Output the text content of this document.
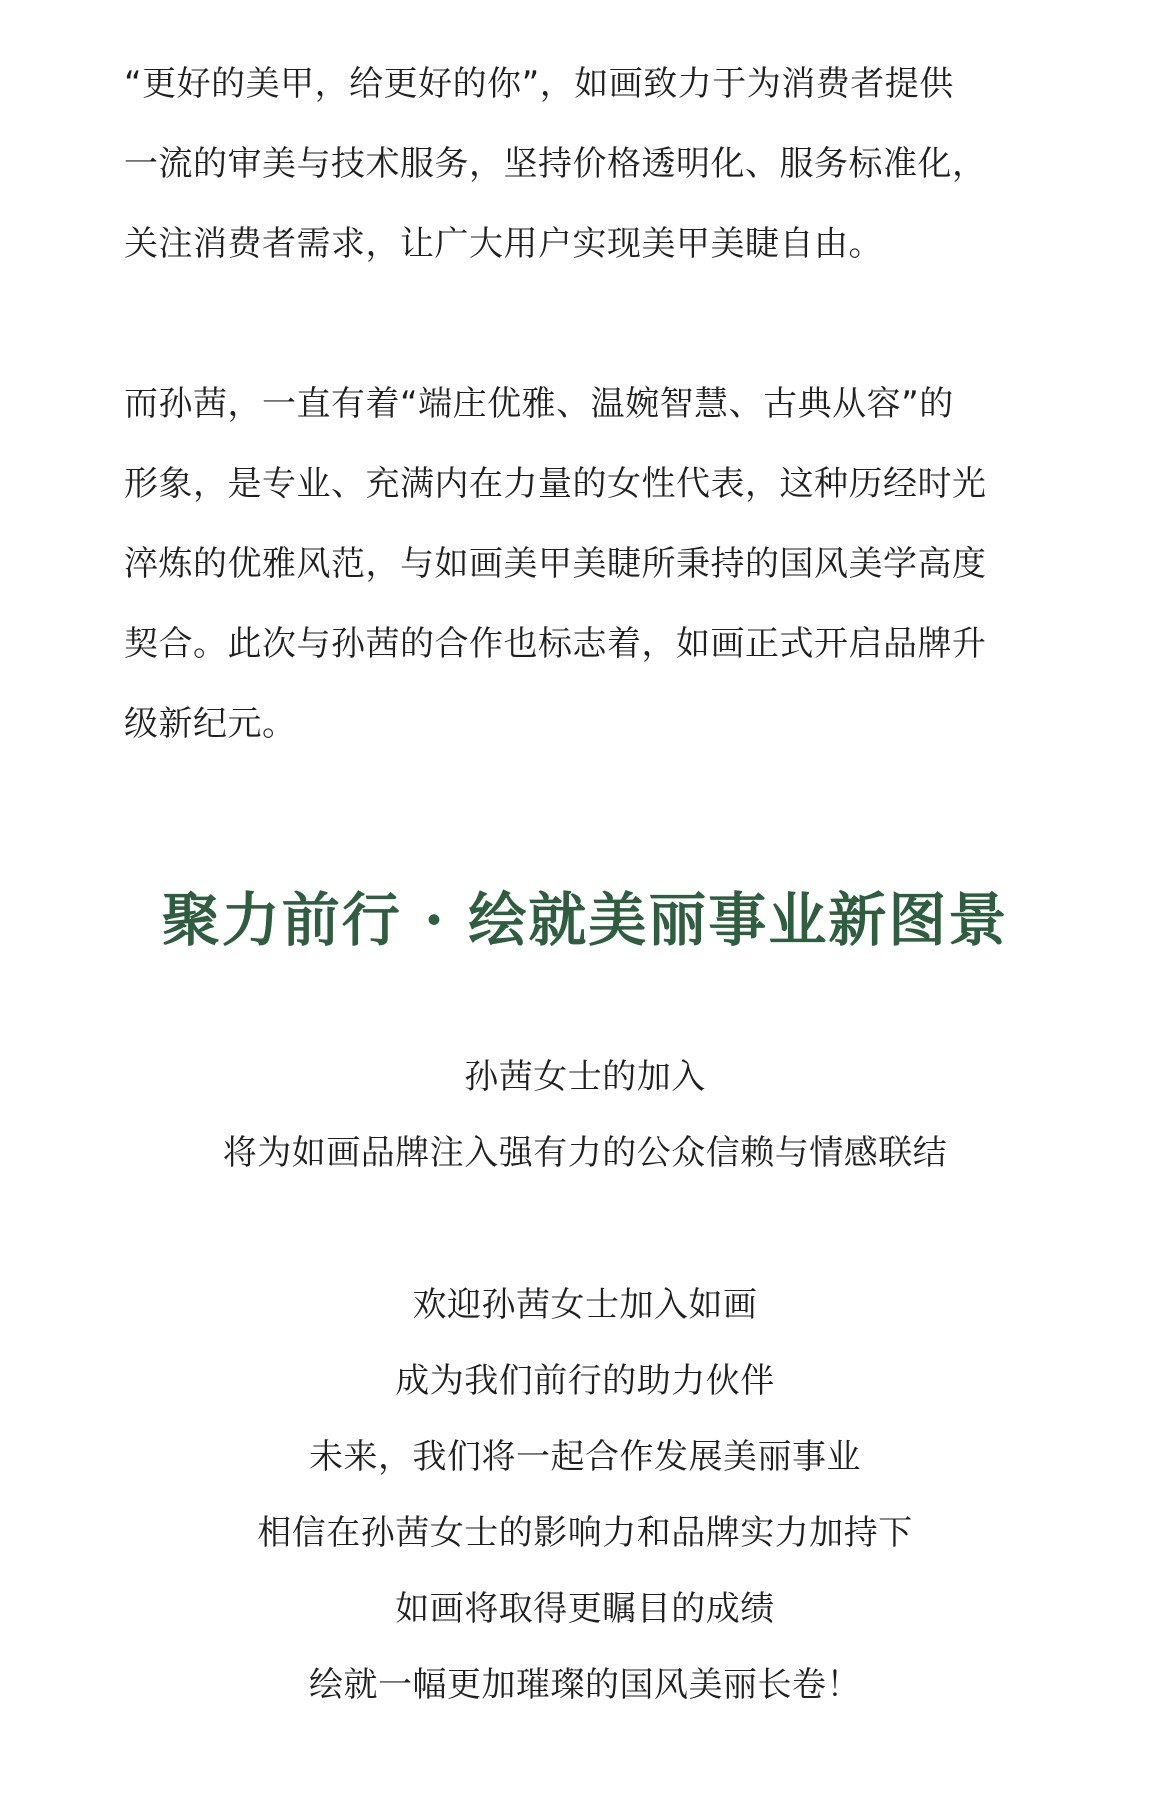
“更好的美甲，给更好的你”，如画致力于为消费者提供
一流的审美与技术服务，坚持价格透明化、服务标准化，
关注消费者需求，让广大用户实现美甲美睫自由。

而孙茜，一直有着“端庄优雅、温婉智慧、古典从容”的
形象，是专业、充满内在力量的女性代表，这种历经时光
淬炼的优雅风范，与如画美甲美睫所秉持的国风美学高度
契合。此次与孙茜的合作也标志着，如画正式开启品牌升
级新纪元。

聚力前行 · 绘就美丽事业新图景

孙茜女士的加入
将为如画品牌注入强有力的公众信赖与情感联结

欢迎孙茜女士加入如画
成为我们前行的助力伙伴
未来，我们将一起合作发展美丽事业
相信在孙茜女士的影响力和品牌实力加持下
如画将取得更瞩目的成绩
绘就一幅更加璀璨的国风美丽长卷！
